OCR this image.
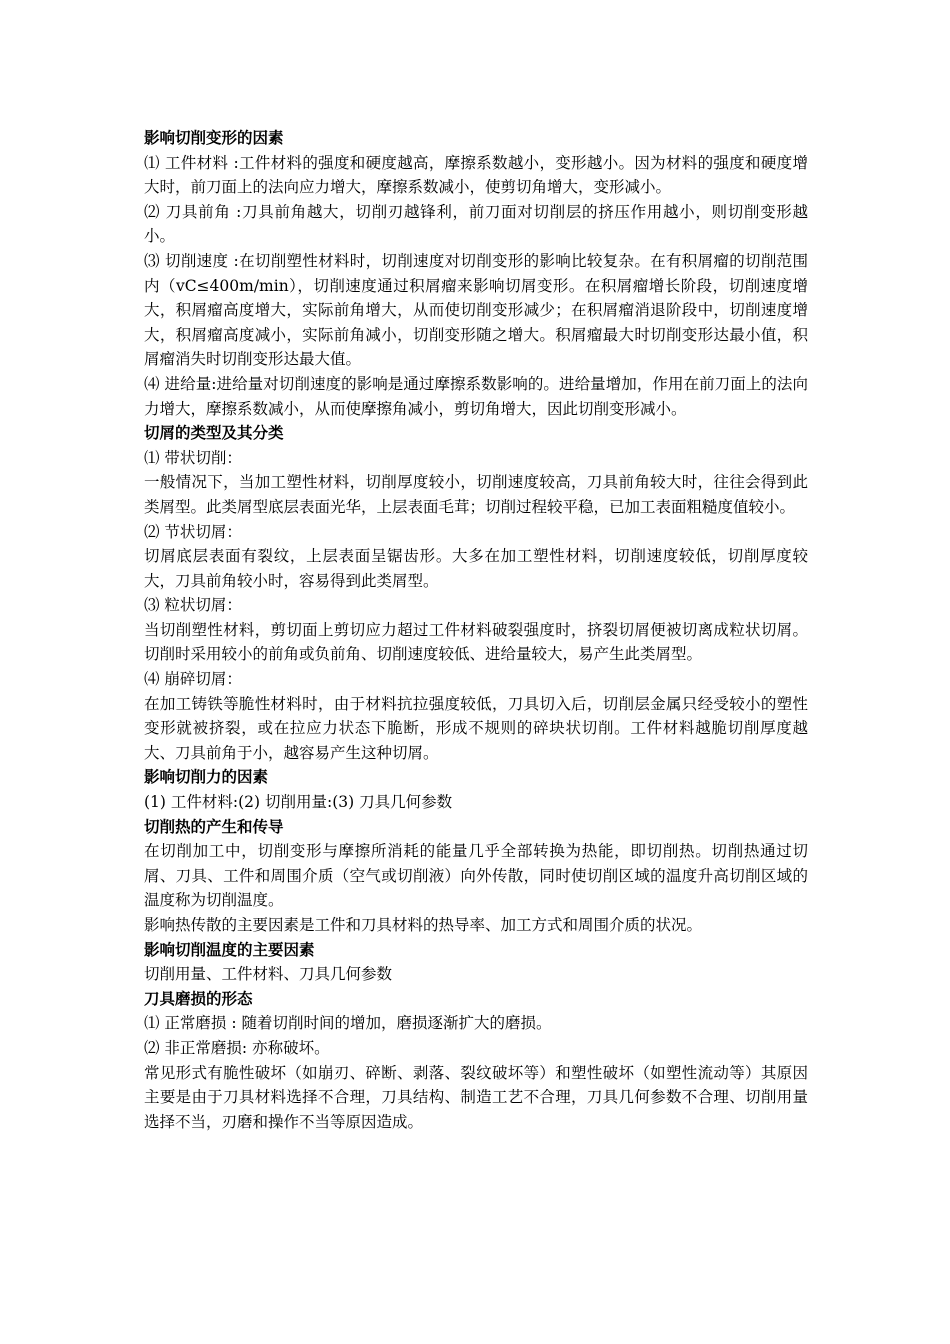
影响切削变形的因素

⑴ 工件材料 :工件材料的强度和硬度越高，摩擦系数越小，变形越小。因为材料的强度和硬度增大时，前刀面上的法向应力增大，摩擦系数减小，使剪切角增大，变形减小。

⑵ 刀具前角 :刀具前角越大，切削刃越锋利，前刀面对切削层的挤压作用越小，则切削变形越小。

⑶ 切削速度 :在切削塑性材料时，切削速度对切削变形的影响比较复杂。在有积屑瘤的切削范围内（vC≤400m/min），切削速度通过积屑瘤来影响切屑变形。在积屑瘤增长阶段，切削速度增大，积屑瘤高度增大，实际前角增大，从而使切削变形减少；在积屑瘤消退阶段中，切削速度增大，积屑瘤高度减小，实际前角减小，切削变形随之增大。积屑瘤最大时切削变形达最小值，积屑瘤消失时切削变形达最大值。

⑷ 进给量:进给量对切削速度的影响是通过摩擦系数影响的。进给量增加，作用在前刀面上的法向力增大，摩擦系数减小，从而使摩擦角减小，剪切角增大，因此切削变形减小。

切屑的类型及其分类

⑴ 带状切削：

一般情况下，当加工塑性材料，切削厚度较小，切削速度较高，刀具前角较大时，往往会得到此类屑型。此类屑型底层表面光华，上层表面毛茸；切削过程较平稳，已加工表面粗糙度值较小。

⑵ 节状切屑：

切屑底层表面有裂纹，上层表面呈锯齿形。大多在加工塑性材料，切削速度较低，切削厚度较大，刀具前角较小时，容易得到此类屑型。

⑶ 粒状切屑：

当切削塑性材料，剪切面上剪切应力超过工件材料破裂强度时，挤裂切屑便被切离成粒状切屑。切削时采用较小的前角或负前角、切削速度较低、进给量较大，易产生此类屑型。

⑷ 崩碎切屑：

在加工铸铁等脆性材料时，由于材料抗拉强度较低，刀具切入后，切削层金属只经受较小的塑性变形就被挤裂，或在拉应力状态下脆断，形成不规则的碎块状切削。工件材料越脆切削厚度越大、刀具前角于小，越容易产生这种切屑。

影响切削力的因素

(1) 工件材料:(2) 切削用量:(3) 刀具几何参数

切削热的产生和传导

在切削加工中，切削变形与摩擦所消耗的能量几乎全部转换为热能，即切削热。切削热通过切屑、刀具、工件和周围介质（空气或切削液）向外传散，同时使切削区域的温度升高切削区域的温度称为切削温度。

影响热传散的主要因素是工件和刀具材料的热导率、加工方式和周围介质的状况。

影响切削温度的主要因素

切削用量、工件材料、刀具几何参数

刀具磨损的形态

⑴ 正常磨损 : 随着切削时间的增加，磨损逐渐扩大的磨损。

⑵ 非正常磨损: 亦称破坏。

常见形式有脆性破坏（如崩刃、碎断、剥落、裂纹破坏等）和塑性破坏（如塑性流动等）其原因主要是由于刀具材料选择不合理，刀具结构、制造工艺不合理，刀具几何参数不合理、切削用量选择不当，刃磨和操作不当等原因造成。
